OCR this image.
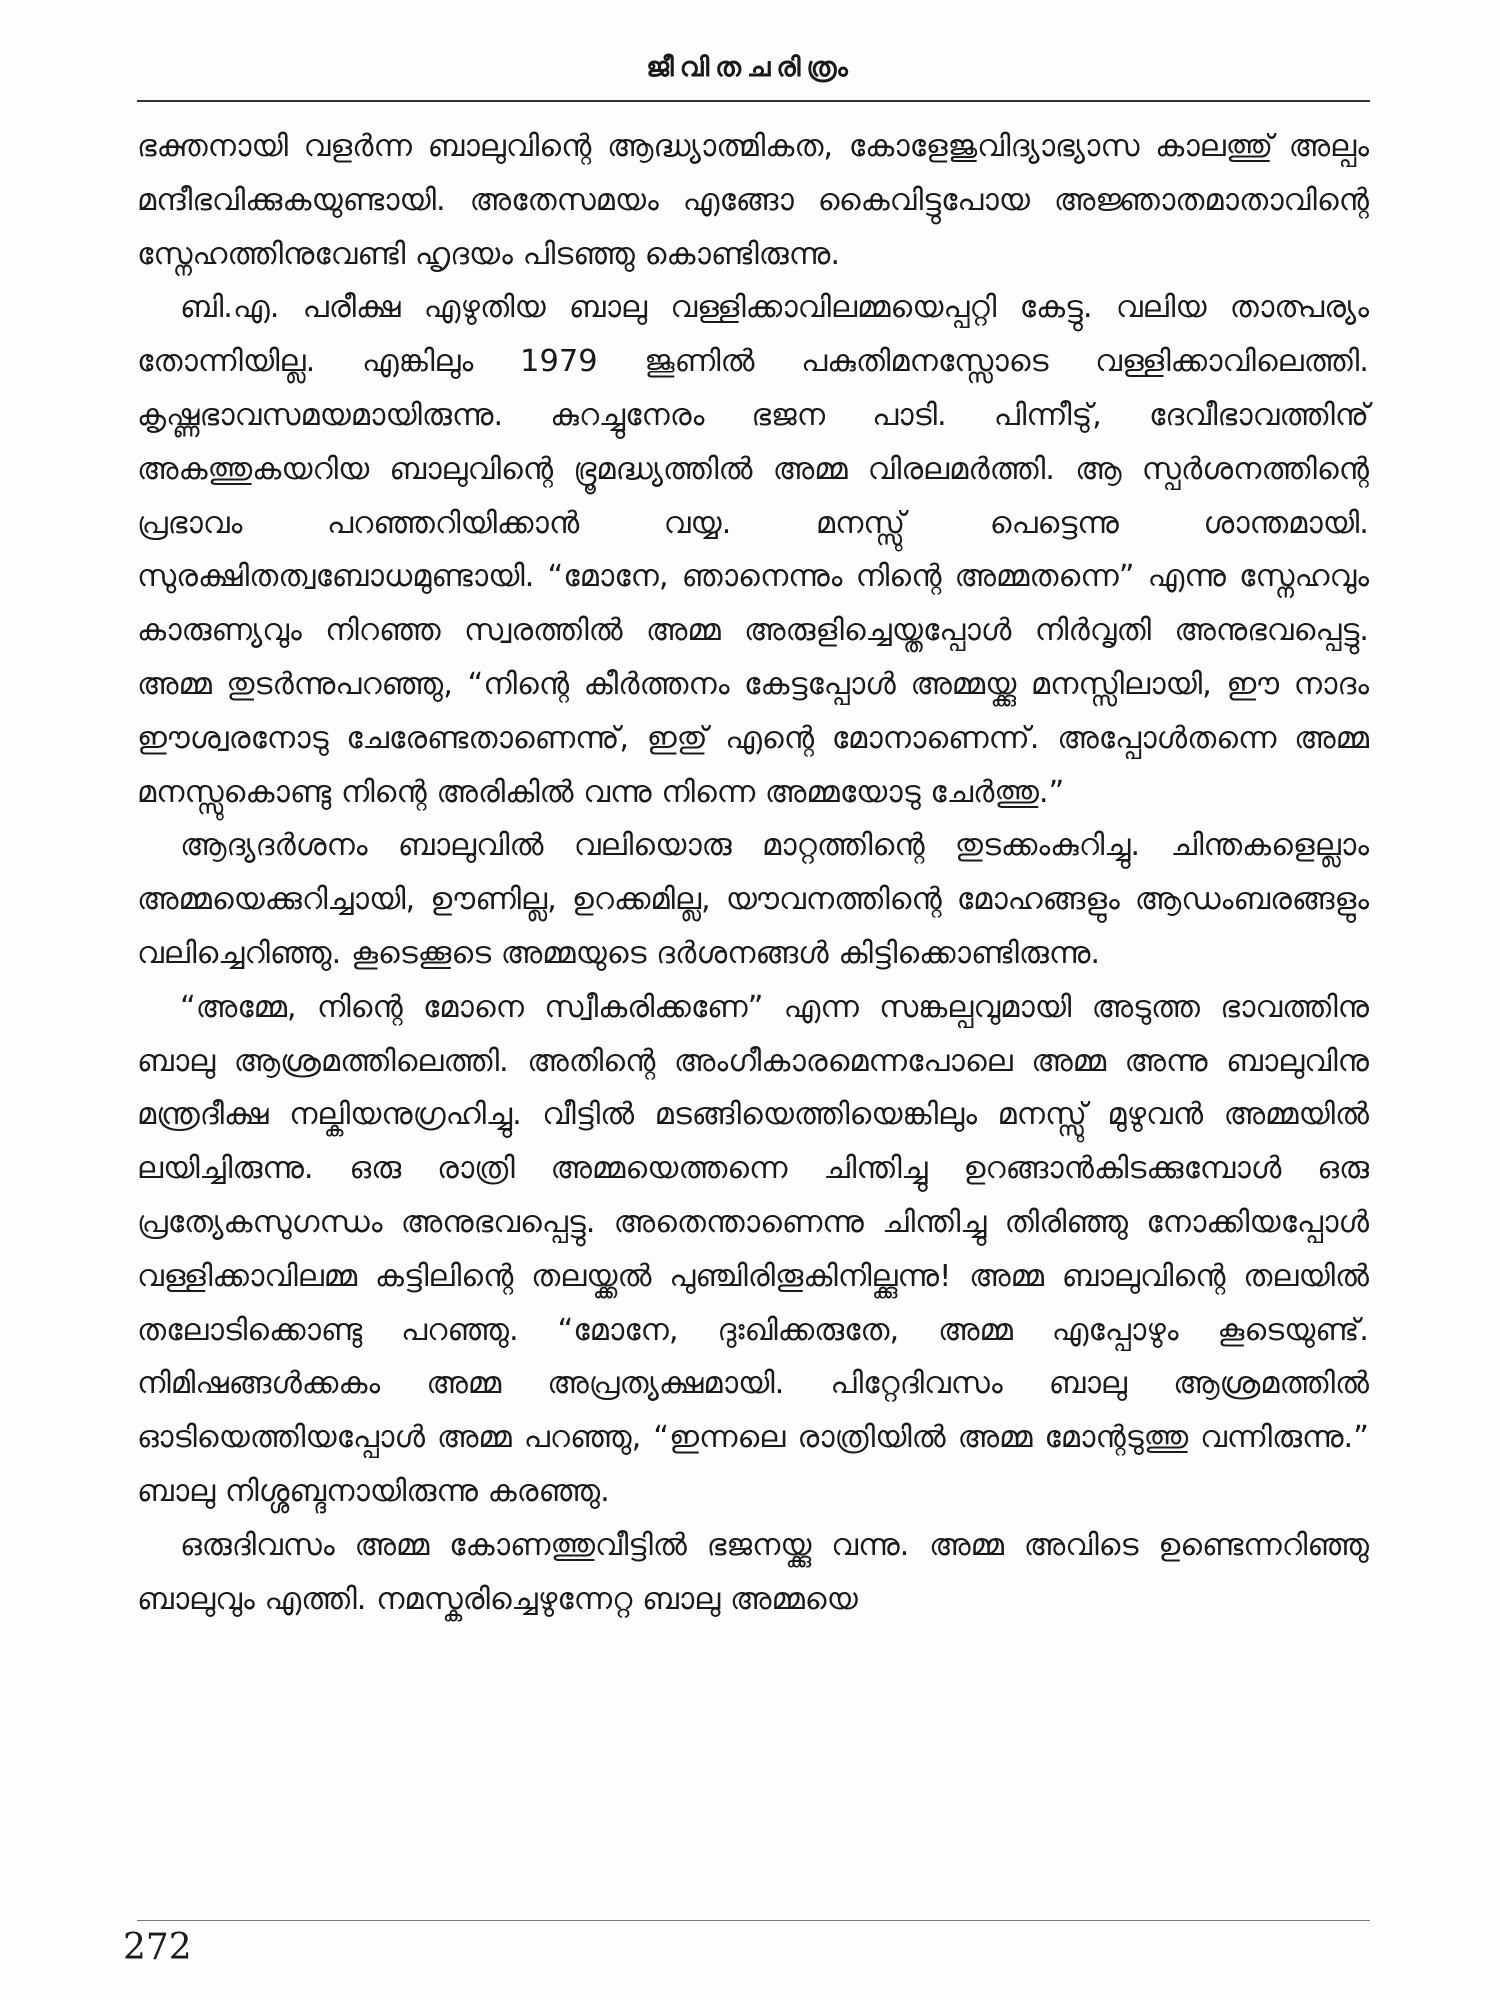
ജീവിതചരിത്രം

ഭക്തനായി വളർന്ന ബാലുവിന്റെ ആദ്ധ്യാത്മികത, കോളേജുവിദ്യാഭ്യാസ കാലത്തു് അല്പം മന്ദീഭവിക്കുകയുണ്ടായി. അതേസമയം എങ്ങോ കൈവിട്ടുപോയ അജ്ഞാതമാതാവിന്റെ സ്നേഹത്തിനുവേണ്ടി ഹൃദയം പിടഞ്ഞു കൊണ്ടിരുന്നു.

ബി.എ. പരീക്ഷ എഴുതിയ ബാലു വള്ളിക്കാവിലമ്മയെപ്പറ്റി കേട്ടു. വലിയ താത്പര്യം തോന്നിയില്ല. എങ്കിലും 1979 ജൂണിൽ പകുതിമനസ്സോടെ വള്ളിക്കാവിലെത്തി. കൃഷ്ണഭാവസമയമായിരുന്നു. കുറച്ചുനേരം ഭജന പാടി. പിന്നീടു്, ദേവീഭാവത്തിനു് അകത്തുകയറിയ ബാലുവിന്റെ ഭ്രൂമദ്ധ്യത്തിൽ അമ്മ വിരലമർത്തി. ആ സ്പർശനത്തിന്റെ പ്രഭാവം പറഞ്ഞറിയിക്കാൻ വയ്യ. മനസ്സു് പെട്ടെന്നു ശാന്തമായി. സുരക്ഷിതത്വബോധമുണ്ടായി. “മോനേ, ഞാനെന്നും നിന്റെ അമ്മതന്നെ” എന്നു സ്നേഹവും കാരുണ്യവും നിറഞ്ഞ സ്വരത്തിൽ അമ്മ അരുളിച്ചെയ്തപ്പോൾ നിർവൃതി അനുഭവപ്പെട്ടു. അമ്മ തുടർന്നുപറഞ്ഞു, “നിന്റെ കീർത്തനം കേട്ടപ്പോൾ അമ്മയ്ക്കു മനസ്സിലായി, ഈ നാദം ഈശ്വരനോടു ചേരേണ്ടതാണെന്നു്, ഇതു് എന്റെ മോനാണെന്ന്. അപ്പോൾതന്നെ അമ്മ മനസ്സുകൊണ്ടു നിന്റെ അരികിൽ വന്നു നിന്നെ അമ്മയോടു ചേർത്തു.”

ആദ്യദർശനം ബാലുവിൽ വലിയൊരു മാറ്റത്തിന്റെ തുടക്കംകുറിച്ചു. ചിന്തകളെല്ലാം അമ്മയെക്കുറിച്ചായി, ഊണില്ല, ഉറക്കമില്ല, യൗവനത്തിന്റെ മോഹങ്ങളും ആഡംബരങ്ങളും വലിച്ചെറിഞ്ഞു. കൂടെക്കൂടെ അമ്മയുടെ ദർശനങ്ങൾ കിട്ടിക്കൊണ്ടിരുന്നു.

“അമ്മേ, നിന്റെ മോനെ സ്വീകരിക്കണേ” എന്ന സങ്കല്പവുമായി അടുത്ത ഭാവത്തിനു ബാലു ആശ്രമത്തിലെത്തി. അതിന്റെ അംഗീകാരമെന്നപോലെ അമ്മ അന്നു ബാലുവിനു മന്ത്രദീക്ഷ നല്കിയനുഗ്രഹിച്ചു. വീട്ടിൽ മടങ്ങിയെത്തിയെങ്കിലും മനസ്സു് മുഴുവൻ അമ്മയിൽ ലയിച്ചിരുന്നു. ഒരു രാത്രി അമ്മയെത്തന്നെ ചിന്തിച്ചു ഉറങ്ങാൻകിടക്കുമ്പോൾ ഒരു പ്രത്യേകസുഗന്ധം അനുഭവപ്പെട്ടു. അതെന്താണെന്നു ചിന്തിച്ചു തിരിഞ്ഞു നോക്കിയപ്പോൾ വള്ളിക്കാവിലമ്മ കട്ടിലിന്റെ തലയ്ക്കൽ പുഞ്ചിരിതൂകിനില്ക്കുന്നു! അമ്മ ബാലുവിന്റെ തലയിൽ തലോടിക്കൊണ്ടു പറഞ്ഞു. “മോനേ, ദുഃഖിക്കരുതേ, അമ്മ എപ്പോഴും കൂടെയുണ്ട്. നിമിഷങ്ങൾക്കകം അമ്മ അപ്രത്യക്ഷമായി. പിറ്റേദിവസം ബാലു ആശ്രമത്തിൽ ഓടിയെത്തിയപ്പോൾ അമ്മ പറഞ്ഞു, “ഇന്നലെ രാത്രിയിൽ അമ്മ മോന്റടുത്തു വന്നിരുന്നു.” ബാലു നിശ്ശബ്ദനായിരുന്നു കരഞ്ഞു.

ഒരുദിവസം അമ്മ കോണത്തുവീട്ടിൽ ഭജനയ്ക്കു വന്നു. അമ്മ അവിടെ ഉണ്ടെന്നറിഞ്ഞു ബാലുവും എത്തി. നമസ്കരിച്ചെഴുന്നേറ്റ ബാലു അമ്മയെ

272
